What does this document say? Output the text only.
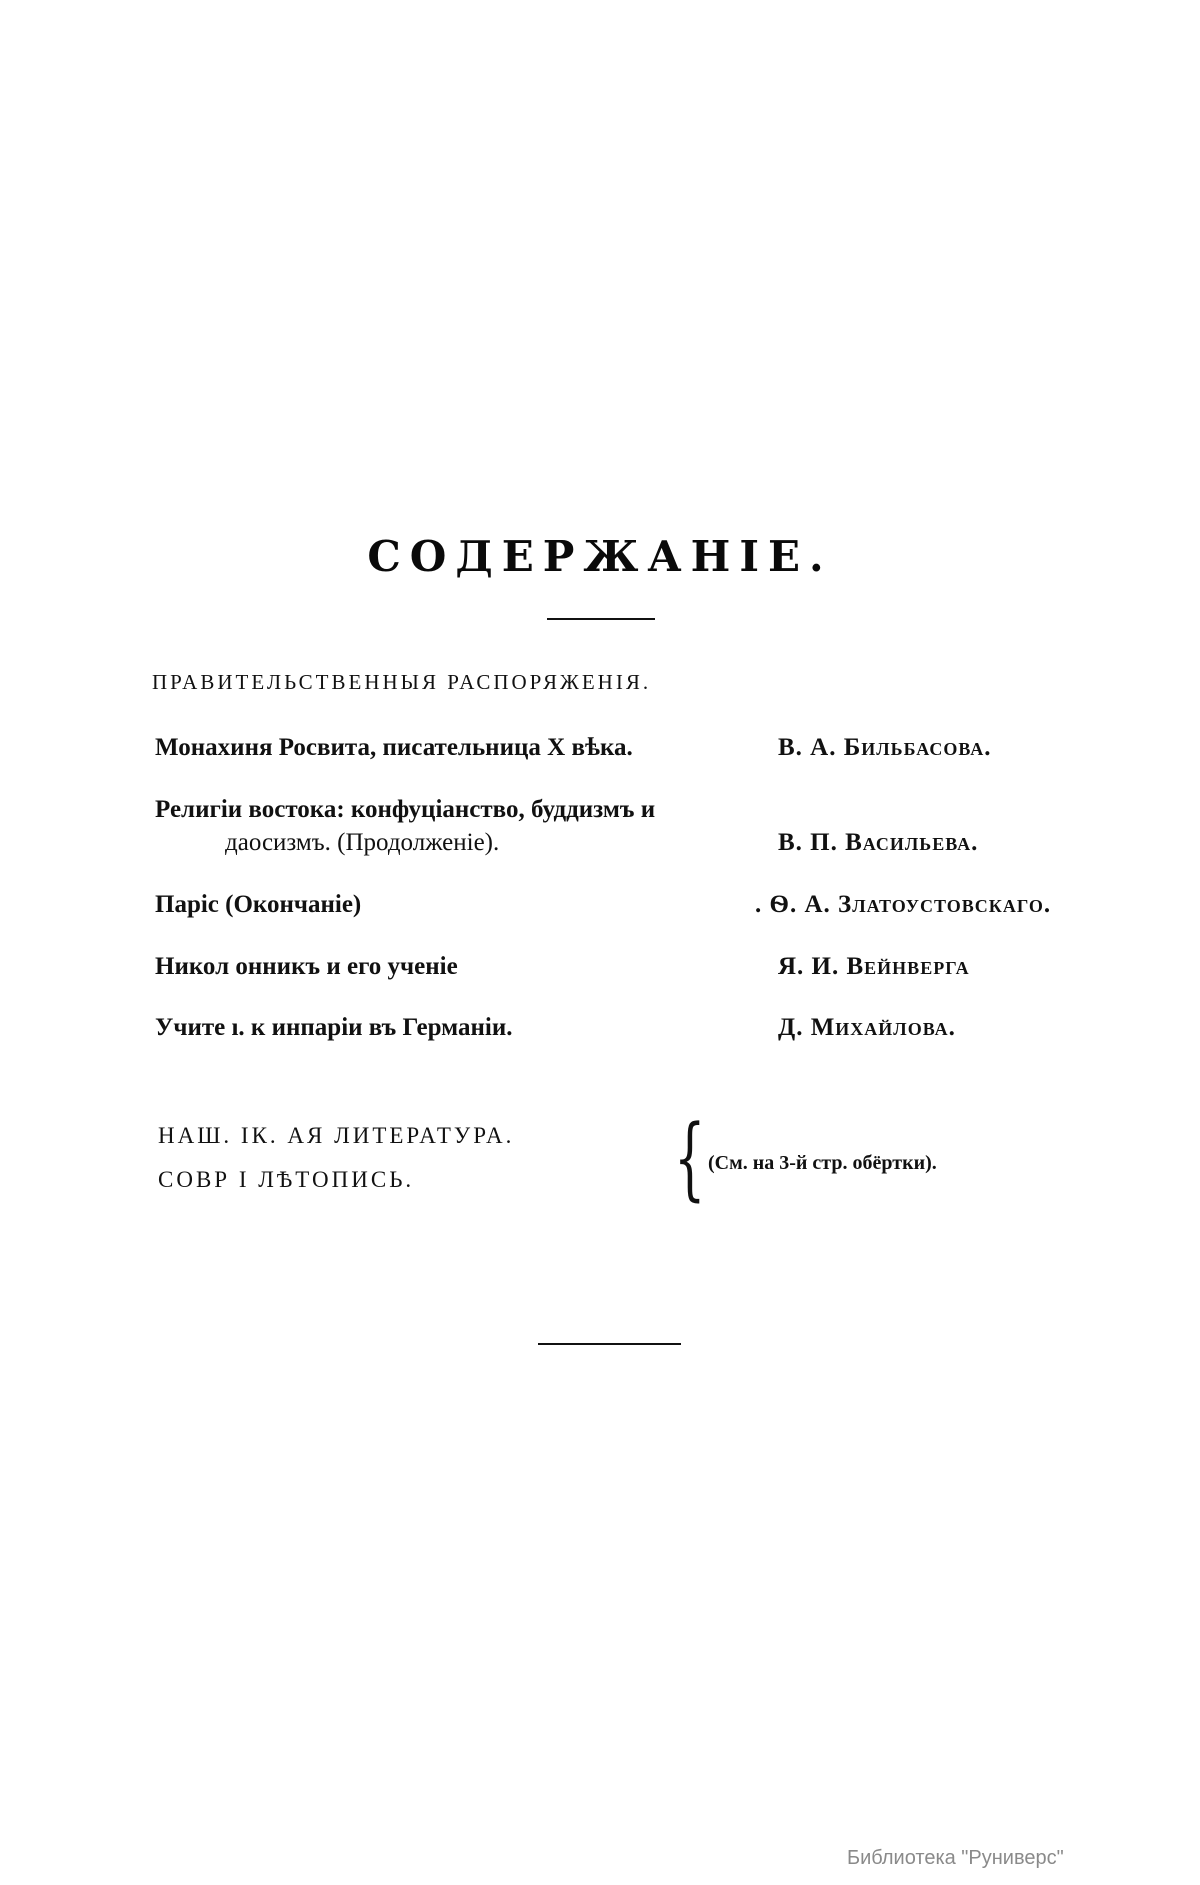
СОДЕРЖАНІЕ.
ПРАВИТЕЛЬСТВЕННЫЯ РАСПОРЯЖЕНІЯ.
Монахиня Росвита, писательница X вѣка.	В. А. Бильбасова.
Религіи востока: конфуціанство, буддизмъ и
даосизмъ. (Продолженіе).	В. П. Васильева.
Паріс (Окончаніе)	. Ѳ. А. Златоустовскаго.
Никол онникъ и его ученіе	Я. И. Вейнверга
Учите ı. к инпаріи въ Германіи.	Д. Михайлова.
НАШ. IК. АЯ ЛИТЕРАТУРА.
СОВР I ЛѢТОПИСЬ.	{ (См. на 3-й стр. обёртки).
Библиотека "Руниверс"
